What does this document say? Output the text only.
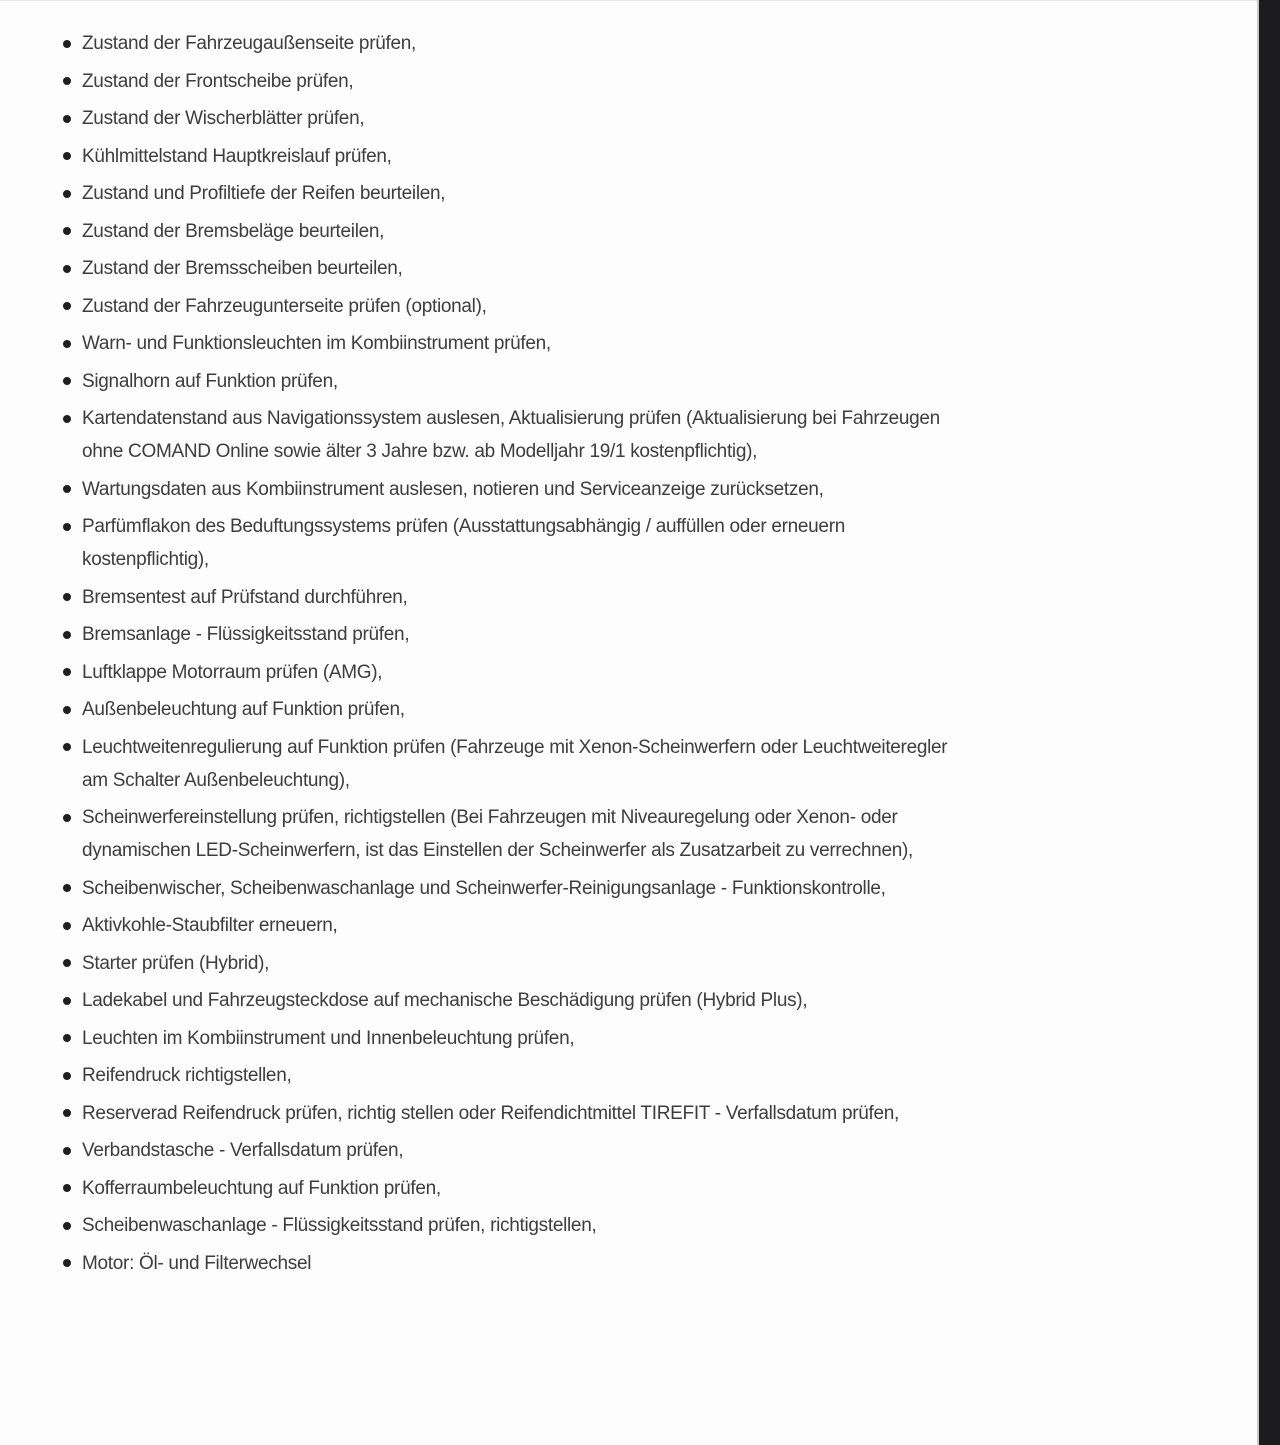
Zustand der Fahrzeugaußenseite prüfen,
Zustand der Frontscheibe prüfen,
Zustand der Wischerblätter prüfen,
Kühlmittelstand Hauptkreislauf prüfen,
Zustand und Profiltiefe der Reifen beurteilen,
Zustand der Bremsbeläge beurteilen,
Zustand der Bremsscheiben beurteilen,
Zustand der Fahrzeugunterseite prüfen (optional),
Warn- und Funktionsleuchten im Kombiinstrument prüfen,
Signalhorn auf Funktion prüfen,
Kartendatenstand aus Navigationssystem auslesen, Aktualisierung prüfen (Aktualisierung bei Fahrzeugen ohne COMAND Online sowie älter 3 Jahre bzw. ab Modelljahr 19/1 kostenpflichtig),
Wartungsdaten aus Kombiinstrument auslesen, notieren und Serviceanzeige zurücksetzen,
Parfümflakon des Beduftungssystems prüfen (Ausstattungsabhängig / auffüllen oder erneuern kostenpflichtig),
Bremsentest auf Prüfstand durchführen,
Bremsanlage - Flüssigkeitsstand prüfen,
Luftklappe Motorraum prüfen (AMG),
Außenbeleuchtung auf Funktion prüfen,
Leuchtweitenregulierung auf Funktion prüfen (Fahrzeuge mit Xenon-Scheinwerfern oder Leuchtweiteregler am Schalter Außenbeleuchtung),
Scheinwerfereinstellung prüfen, richtigstellen (Bei Fahrzeugen mit Niveauregelung oder Xenon- oder dynamischen LED-Scheinwerfern, ist das Einstellen der Scheinwerfer als Zusatzarbeit zu verrechnen),
Scheibenwischer, Scheibenwaschanlage und Scheinwerfer-Reinigungsanlage - Funktionskontrolle,
Aktivkohle-Staubfilter erneuern,
Starter prüfen (Hybrid),
Ladekabel und Fahrzeugsteckdose auf mechanische Beschädigung prüfen (Hybrid Plus),
Leuchten im Kombiinstrument und Innenbeleuchtung prüfen,
Reifendruck richtigstellen,
Reserverad Reifendruck prüfen, richtig stellen oder Reifendichtmittel TIREFIT - Verfallsdatum prüfen,
Verbandstasche - Verfallsdatum prüfen,
Kofferraumbeleuchtung auf Funktion prüfen,
Scheibenwaschanlage - Flüssigkeitsstand prüfen, richtigstellen,
Motor: Öl- und Filterwechsel
